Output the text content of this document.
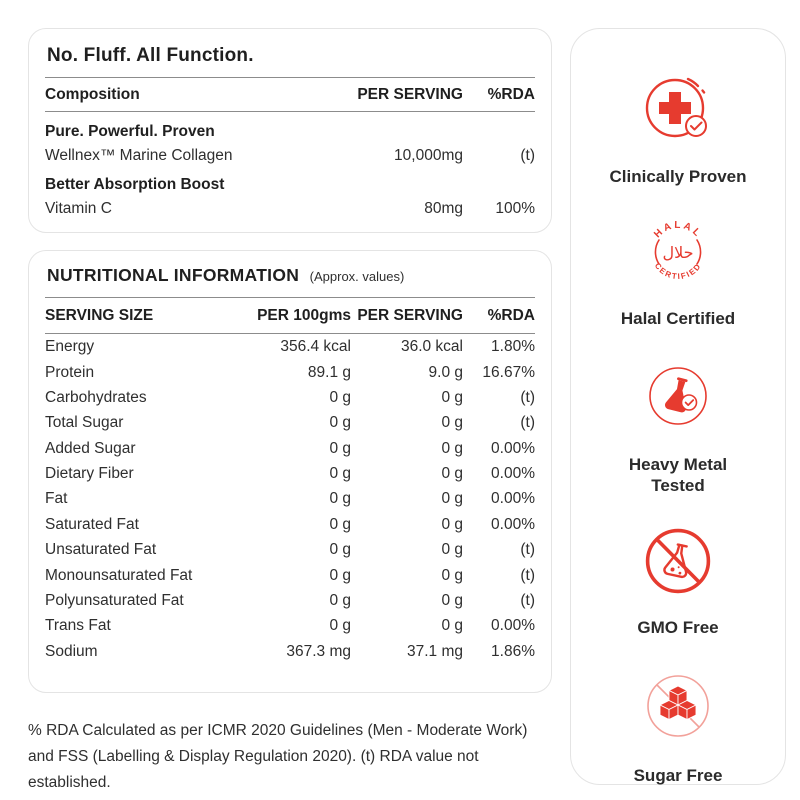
No. Fluff. All Function.
Composition	PER SERVING	%RDA
Pure. Powerful. Proven		
Wellnex™ Marine Collagen	10,000mg	(t)
Better Absorption Boost		
Vitamin C	80mg	100%
NUTRITIONAL INFORMATION (Approx. values)
SERVING SIZE	PER 100gms	PER SERVING	%RDA
Energy	356.4 kcal	36.0 kcal	1.80%
Protein	89.1 g	9.0 g	16.67%
Carbohydrates	0 g	0 g	(t)
Total Sugar	0 g	0 g	(t)
Added Sugar	0 g	0 g	0.00%
Dietary Fiber	0 g	0 g	0.00%
Fat	0 g	0 g	0.00%
Saturated Fat	0 g	0 g	0.00%
Unsaturated Fat	0 g	0 g	(t)
Monounsaturated Fat	0 g	0 g	(t)
Polyunsaturated Fat	0 g	0 g	(t)
Trans Fat	0 g	0 g	0.00%
Sodium	367.3 mg	37.1 mg	1.86%

% RDA Calculated as per ICMR 2020 Guidelines (Men - Moderate Work) and FSS (Labelling & Display Regulation 2020). (t) RDA value not established.

Clinically Proven
HALAL
CERTIFIED
حلال
Halal Certified
Heavy Metal Tested
GMO Free
Sugar Free
